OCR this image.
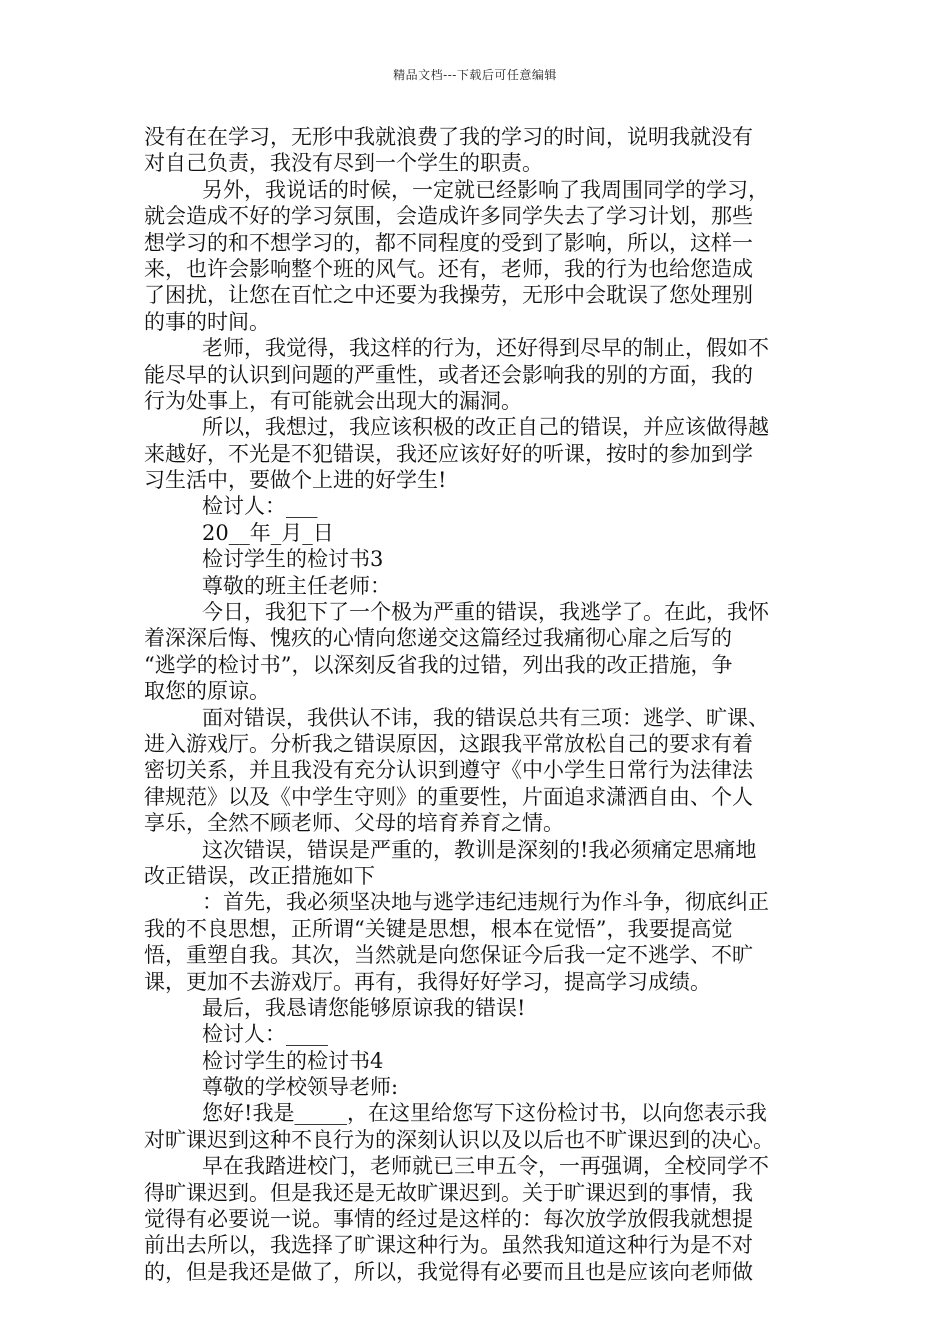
精品文档---下载后可任意编辑
没有在在学习，无形中我就浪费了我的学习的时间，说明我就没有
对自己负责，我没有尽到一个学生的职责。
另外，我说话的时候，一定就已经影响了我周围同学的学习，
就会造成不好的学习氛围，会造成许多同学失去了学习计划，那些
想学习的和不想学习的，都不同程度的受到了影响，所以，这样一
来，也许会影响整个班的风气。还有，老师，我的行为也给您造成
了困扰，让您在百忙之中还要为我操劳，无形中会耽误了您处理别
的事的时间。
老师，我觉得，我这样的行为，还好得到尽早的制止，假如不
能尽早的认识到问题的严重性，或者还会影响我的别的方面，我的
行为处事上，有可能就会出现大的漏洞。
所以，我想过，我应该积极的改正自己的错误，并应该做得越
来越好，不光是不犯错误，我还应该好好的听课，按时的参加到学
习生活中，要做个上进的好学生!
检讨人：___
20__年_月_日
检讨学生的检讨书3
尊敬的班主任老师：
今日，我犯下了一个极为严重的错误，我逃学了。在此，我怀
着深深后悔、愧疚的心情向您递交这篇经过我痛彻心扉之后写的
“逃学的检讨书”，以深刻反省我的过错，列出我的改正措施，争
取您的原谅。
面对错误，我供认不讳，我的错误总共有三项：逃学、旷课、
进入游戏厅。分析我之错误原因，这跟我平常放松自己的要求有着
密切关系，并且我没有充分认识到遵守《中小学生日常行为法律法
律规范》以及《中学生守则》的重要性，片面追求潇洒自由、个人
享乐，全然不顾老师、父母的培育养育之情。
这次错误，错误是严重的，教训是深刻的!我必须痛定思痛地
改正错误，改正措施如下
：首先，我必须坚决地与逃学违纪违规行为作斗争，彻底纠正
我的不良思想，正所谓“关键是思想，根本在觉悟”，我要提高觉
悟，重塑自我。其次，当然就是向您保证今后我一定不逃学、不旷
课，更加不去游戏厅。再有，我得好好学习，提高学习成绩。
最后，我恳请您能够原谅我的错误!
检讨人：____
检讨学生的检讨书4
尊敬的学校领导老师:
您好!我是_____，在这里给您写下这份检讨书，以向您表示我
对旷课迟到这种不良行为的深刻认识以及以后也不旷课迟到的决心。
早在我踏进校门，老师就已三申五令，一再强调，全校同学不
得旷课迟到。但是我还是无故旷课迟到。关于旷课迟到的事情，我
觉得有必要说一说。事情的经过是这样的：每次放学放假我就想提
前出去所以，我选择了旷课这种行为。虽然我知道这种行为是不对
的，但是我还是做了，所以，我觉得有必要而且也是应该向老师做
